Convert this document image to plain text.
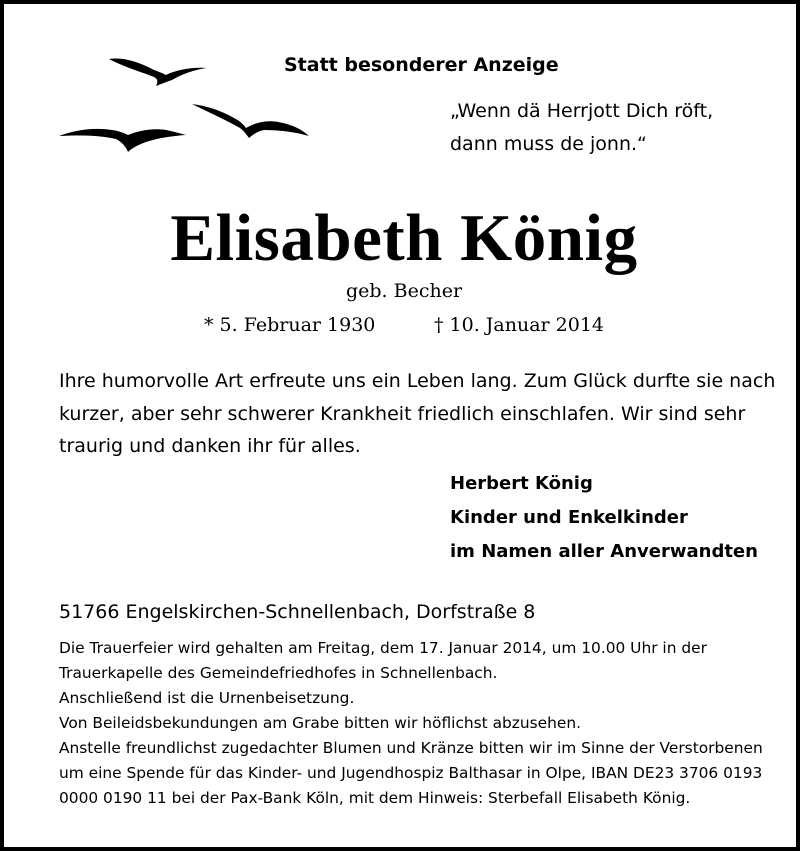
Statt besonderer Anzeige

„Wenn dä Herrjott Dich röft,

dann muss de jonn.“

Elisabeth König

geb. Becher

* 5. Februar 1930	† 10. Januar 2014

Ihre humorvolle Art erfreute uns ein Leben lang. Zum Glück durfte sie nach

kurzer, aber sehr schwerer Krankheit friedlich einschlafen. Wir sind sehr

traurig und danken ihr für alles.

Herbert König

Kinder und Enkelkinder

im Namen aller Anverwandten

51766 Engelskirchen-Schnellenbach, Dorfstraße 8

Die Trauerfeier wird gehalten am Freitag, dem 17. Januar 2014, um 10.00 Uhr in der

Trauerkapelle des Gemeindefriedhofes in Schnellenbach.

Anschließend ist die Urnenbeisetzung.

Von Beileidsbekundungen am Grabe bitten wir höflichst abzusehen.

Anstelle freundlichst zugedachter Blumen und Kränze bitten wir im Sinne der Verstorbenen

um eine Spende für das Kinder- und Jugendhospiz Balthasar in Olpe, IBAN DE23 3706 0193

0000 0190 11 bei der Pax-Bank Köln, mit dem Hinweis: Sterbefall Elisabeth König.
